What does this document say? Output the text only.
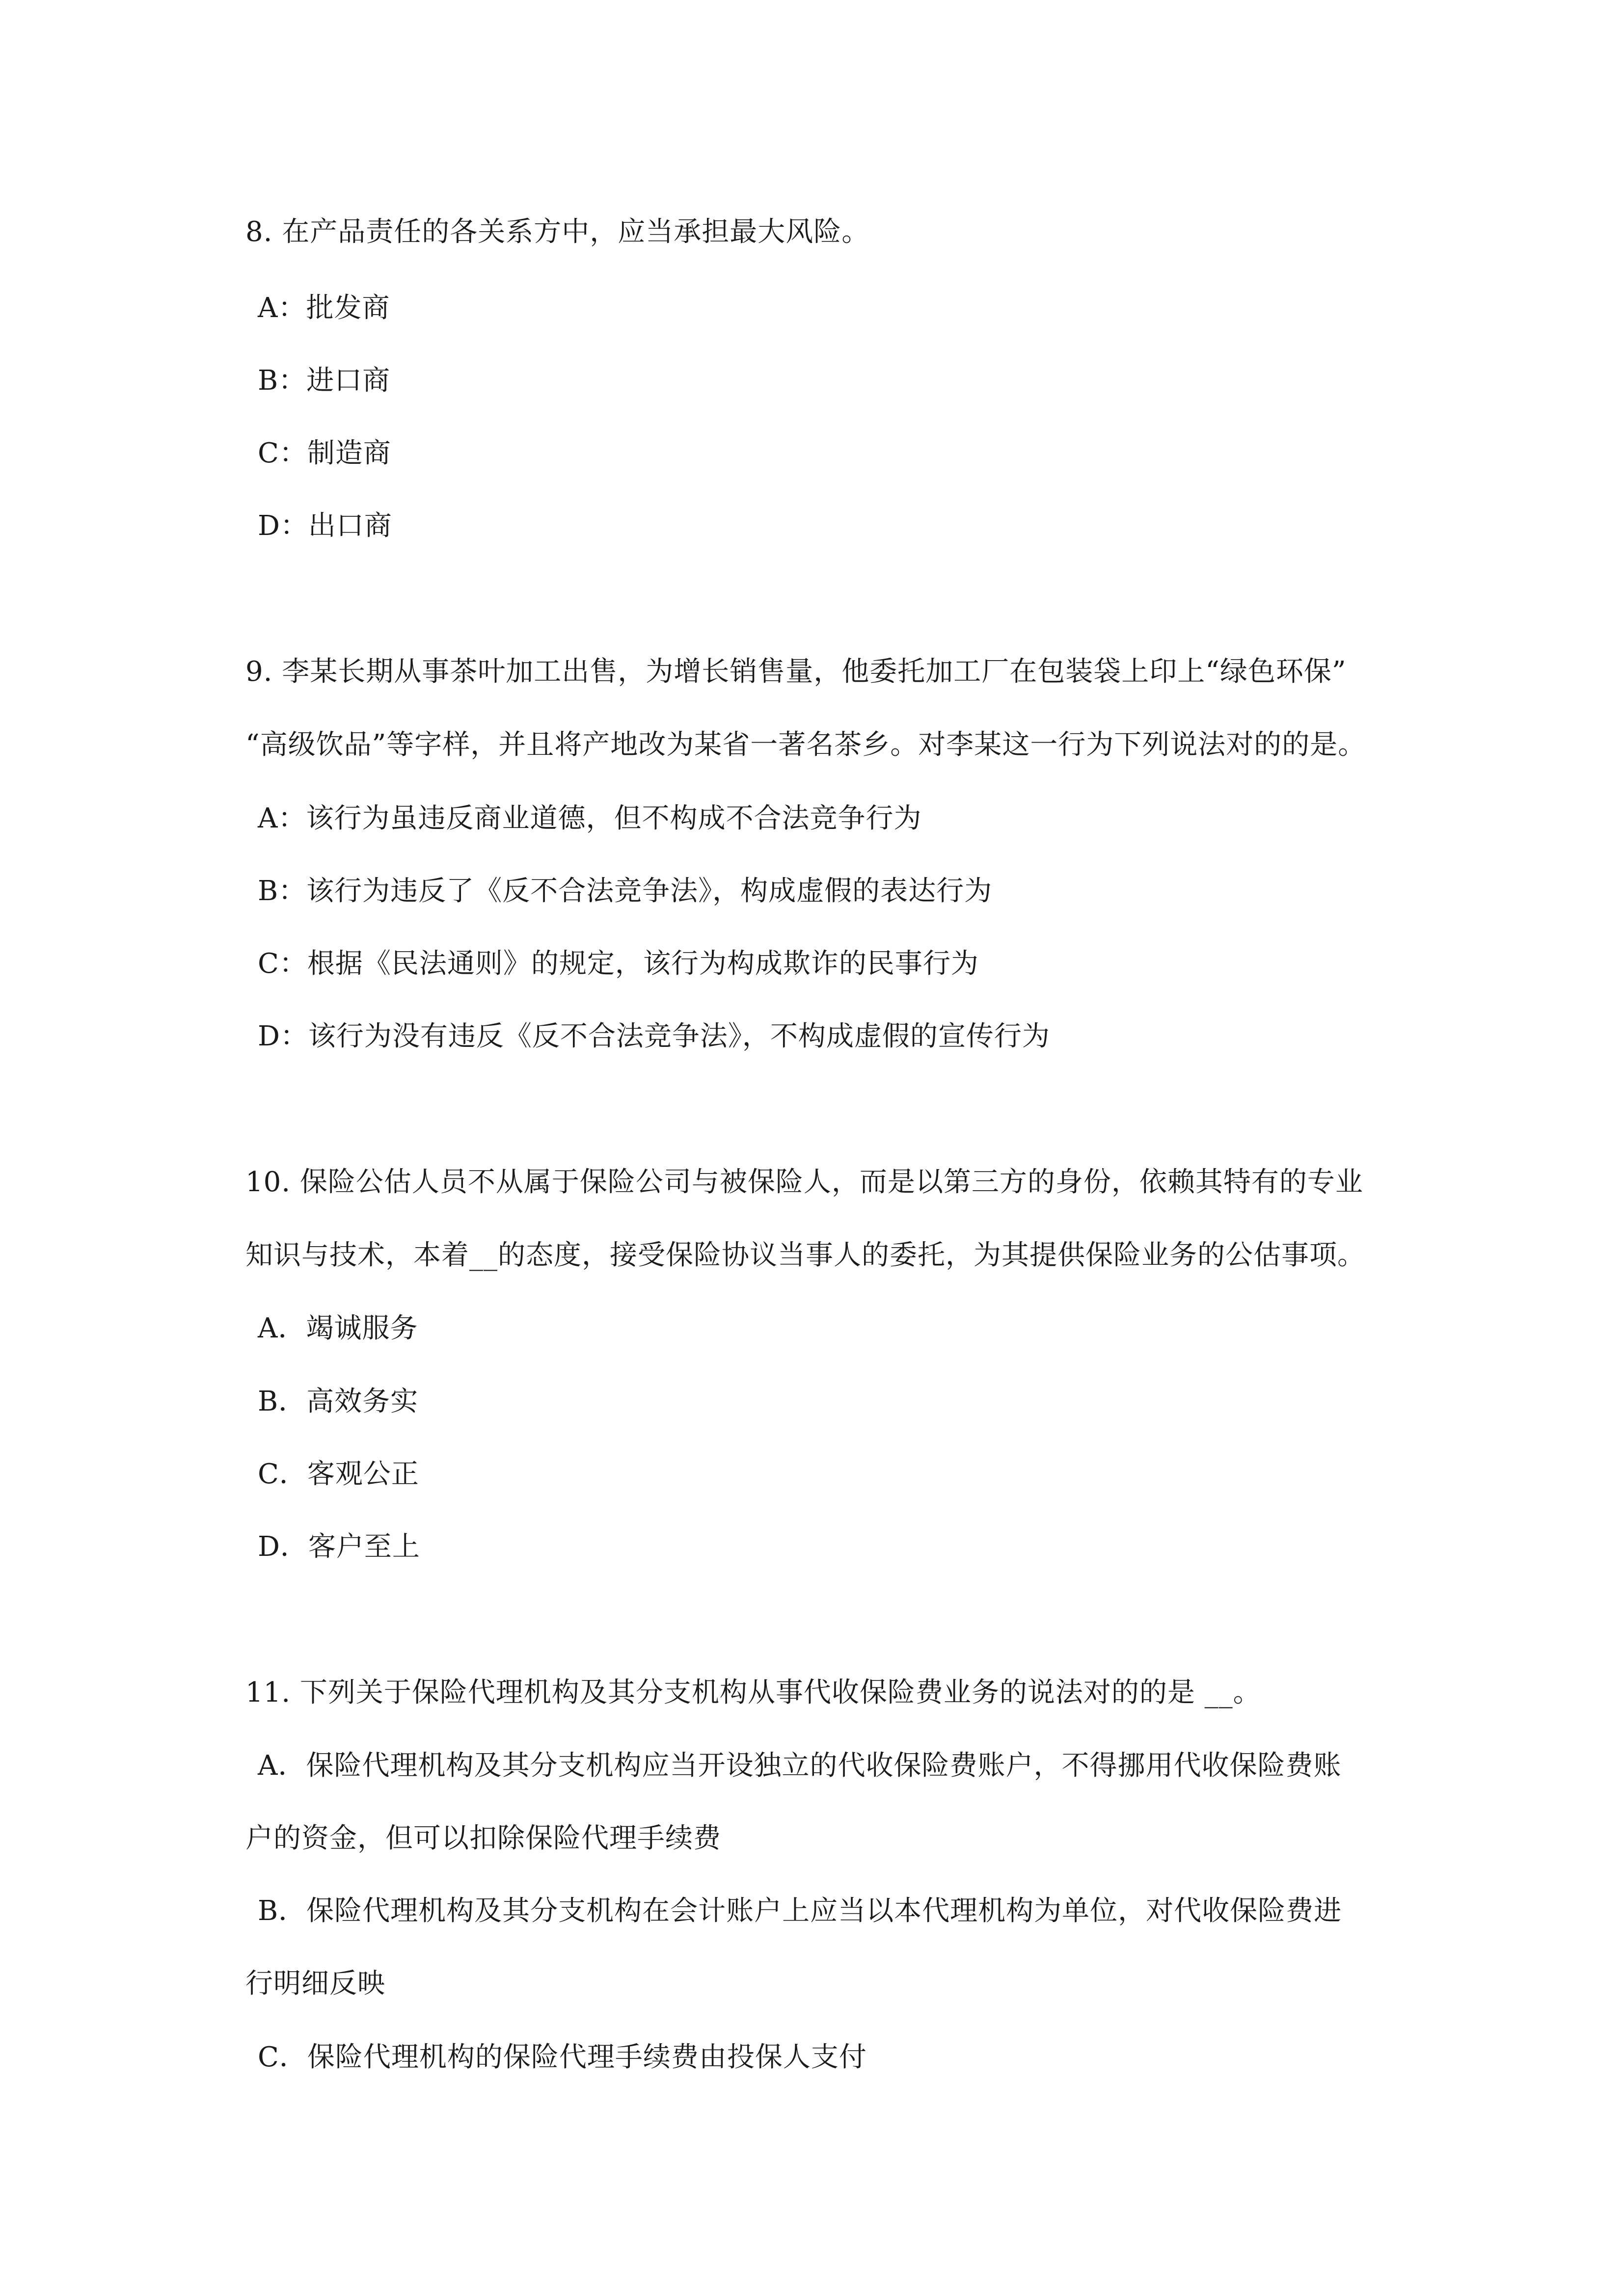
8. 在产品责任的各关系方中，应当承担最大风险。
A：批发商
B：进口商
C：制造商
D：出口商
9. 李某长期从事茶叶加工出售，为增长销售量，他委托加工厂在包装袋上印上“绿色环保”
“高级饮品”等字样，并且将产地改为某省一著名茶乡。对李某这一行为下列说法对的的是。
A：该行为虽违反商业道德，但不构成不合法竞争行为
B：该行为违反了《反不合法竞争法》，构成虚假的表达行为
C：根据《民法通则》的规定，该行为构成欺诈的民事行为
D：该行为没有违反《反不合法竞争法》，不构成虚假的宣传行为
10. 保险公估人员不从属于保险公司与被保险人，而是以第三方的身份，依赖其特有的专业
知识与技术，本着__的态度，接受保险协议当事人的委托，为其提供保险业务的公估事项。
A．竭诚服务
B．高效务实
C．客观公正
D．客户至上
11. 下列关于保险代理机构及其分支机构从事代收保险费业务的说法对的的是 __。
A．保险代理机构及其分支机构应当开设独立的代收保险费账户，不得挪用代收保险费账
户的资金，但可以扣除保险代理手续费
B．保险代理机构及其分支机构在会计账户上应当以本代理机构为单位，对代收保险费进
行明细反映
C．保险代理机构的保险代理手续费由投保人支付
